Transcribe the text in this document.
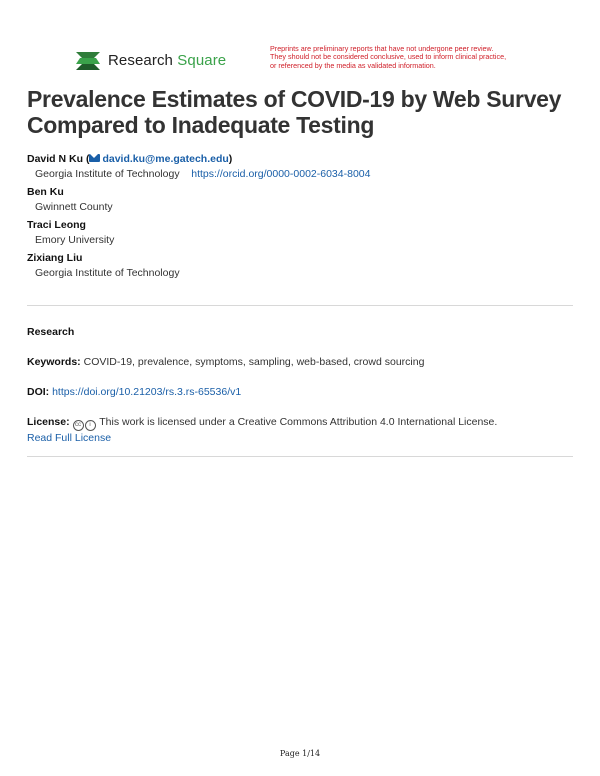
Research Square
Preprints are preliminary reports that have not undergone peer review.
They should not be considered conclusive, used to inform clinical practice,
or referenced by the media as validated information.
Prevalence Estimates of COVID-19 by Web Survey Compared to Inadequate Testing
David N Ku ( david.ku@me.gatech.edu)
Georgia Institute of Technology https://orcid.org/0000-0002-6034-8004
Ben Ku
Gwinnett County
Traci Leong
Emory University
Zixiang Liu
Georgia Institute of Technology
Research
Keywords: COVID-19, prevalence, symptoms, sampling, web-based, crowd sourcing
DOI: https://doi.org/10.21203/rs.3.rs-65536/v1
License: cc i This work is licensed under a Creative Commons Attribution 4.0 International License.
Read Full License
Page 1/14
